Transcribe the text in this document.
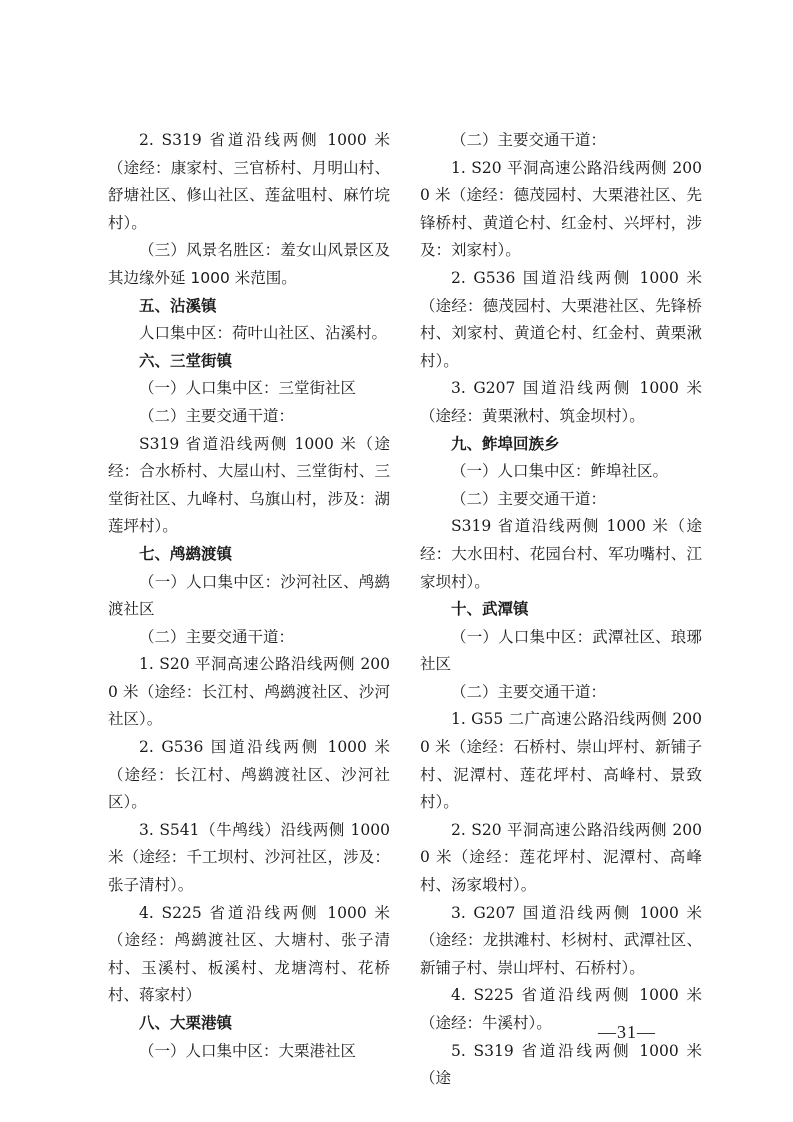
2. S319 省道沿线两侧 1000 米（途经：康家村、三官桥村、月明山村、舒塘社区、修山社区、莲盆咀村、麻竹垸村）。

（三）风景名胜区：羞女山风景区及其边缘外延 1000 米范围。

五、沾溪镇

人口集中区：荷叶山社区、沾溪村。

六、三堂街镇

（一）人口集中区：三堂街社区

（二）主要交通干道：

S319 省道沿线两侧 1000 米（途经：合水桥村、大屋山村、三堂街村、三堂街社区、九峰村、乌旗山村，涉及：湖莲坪村）。

七、鸬鹚渡镇

（一）人口集中区：沙河社区、鸬鹚渡社区

（二）主要交通干道：

1. S20 平洞高速公路沿线两侧 2000 米（途经：长江村、鸬鹚渡社区、沙河社区）。

2. G536 国道沿线两侧 1000 米（途经：长江村、鸬鹚渡社区、沙河社区）。

3. S541（牛鸬线）沿线两侧 1000 米（途经：千工坝村、沙河社区，涉及：张子清村）。

4. S225 省道沿线两侧 1000 米（途经：鸬鹚渡社区、大塘村、张子清村、玉溪村、板溪村、龙塘湾村、花桥村、蒋家村）

八、大栗港镇

（一）人口集中区：大栗港社区

（二）主要交通干道：

1. S20 平洞高速公路沿线两侧 2000 米（途经：德茂园村、大栗港社区、先锋桥村、黄道仑村、红金村、兴坪村，涉及：刘家村）。

2. G536 国道沿线两侧 1000 米（途经：德茂园村、大栗港社区、先锋桥村、刘家村、黄道仑村、红金村、黄栗湫村）。

3. G207 国道沿线两侧 1000 米（途经：黄栗湫村、筑金坝村）。

九、鲊埠回族乡

（一）人口集中区：鲊埠社区。

（二）主要交通干道：

S319 省道沿线两侧 1000 米（途经：大水田村、花园台村、军功嘴村、江家坝村）。

十、武潭镇

（一）人口集中区：武潭社区、琅琊社区

（二）主要交通干道：

1. G55 二广高速公路沿线两侧 2000 米（途经：石桥村、崇山坪村、新铺子村、泥潭村、莲花坪村、高峰村、景致村）。

2. S20 平洞高速公路沿线两侧 2000 米（途经：莲花坪村、泥潭村、高峰村、汤家塅村）。

3. G207 国道沿线两侧 1000 米（途经：龙拱滩村、杉树村、武潭社区、新铺子村、崇山坪村、石桥村）。

4. S225 省道沿线两侧 1000 米（途经：牛溪村）。

5. S319 省道沿线两侧 1000 米（途

—31—
